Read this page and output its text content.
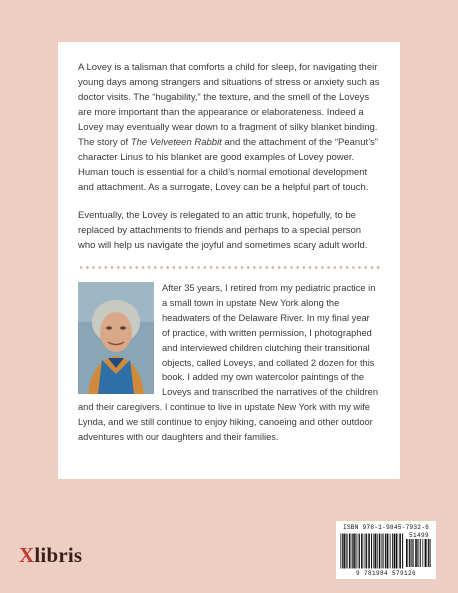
A Lovey is a talisman that comforts a child for sleep, for navigating their young days among strangers and situations of stress or anxiety such as doctor visits. The “hugability,” the texture, and the smell of the Loveys are more important than the appearance or elaborateness. Indeed a Lovey may eventually wear down to a fragment of silky blanket binding. The story of The Velveteen Rabbit and the attachment of the “Peanut’s” character Linus to his blanket are good examples of Lovey power. Human touch is essential for a child’s normal emotional development and attachment. As a surrogate, Lovey can be a helpful part of touch.

Eventually, the Lovey is relegated to an attic trunk, hopefully, to be replaced by attachments to friends and perhaps to a special person who will help us navigate the joyful and sometimes scary adult world.

After 35 years, I retired from my pediatric practice in a small town in upstate New York along the headwaters of the Delaware River. In my final year of practice, with written permission, I photographed and interviewed children clutching their transitional objects, called Loveys, and collated 2 dozen for this book. I added my own watercolor paintings of the Loveys and transcribed the narratives of the children and their caregivers. I continue to live in upstate New York with my wife Lynda, and we still continue to enjoy hiking, canoeing and other outdoor adventures with our daughters and their families.

Xlibris
ISBN 978-1-9845-7932-6
51499
9 781984 579126
